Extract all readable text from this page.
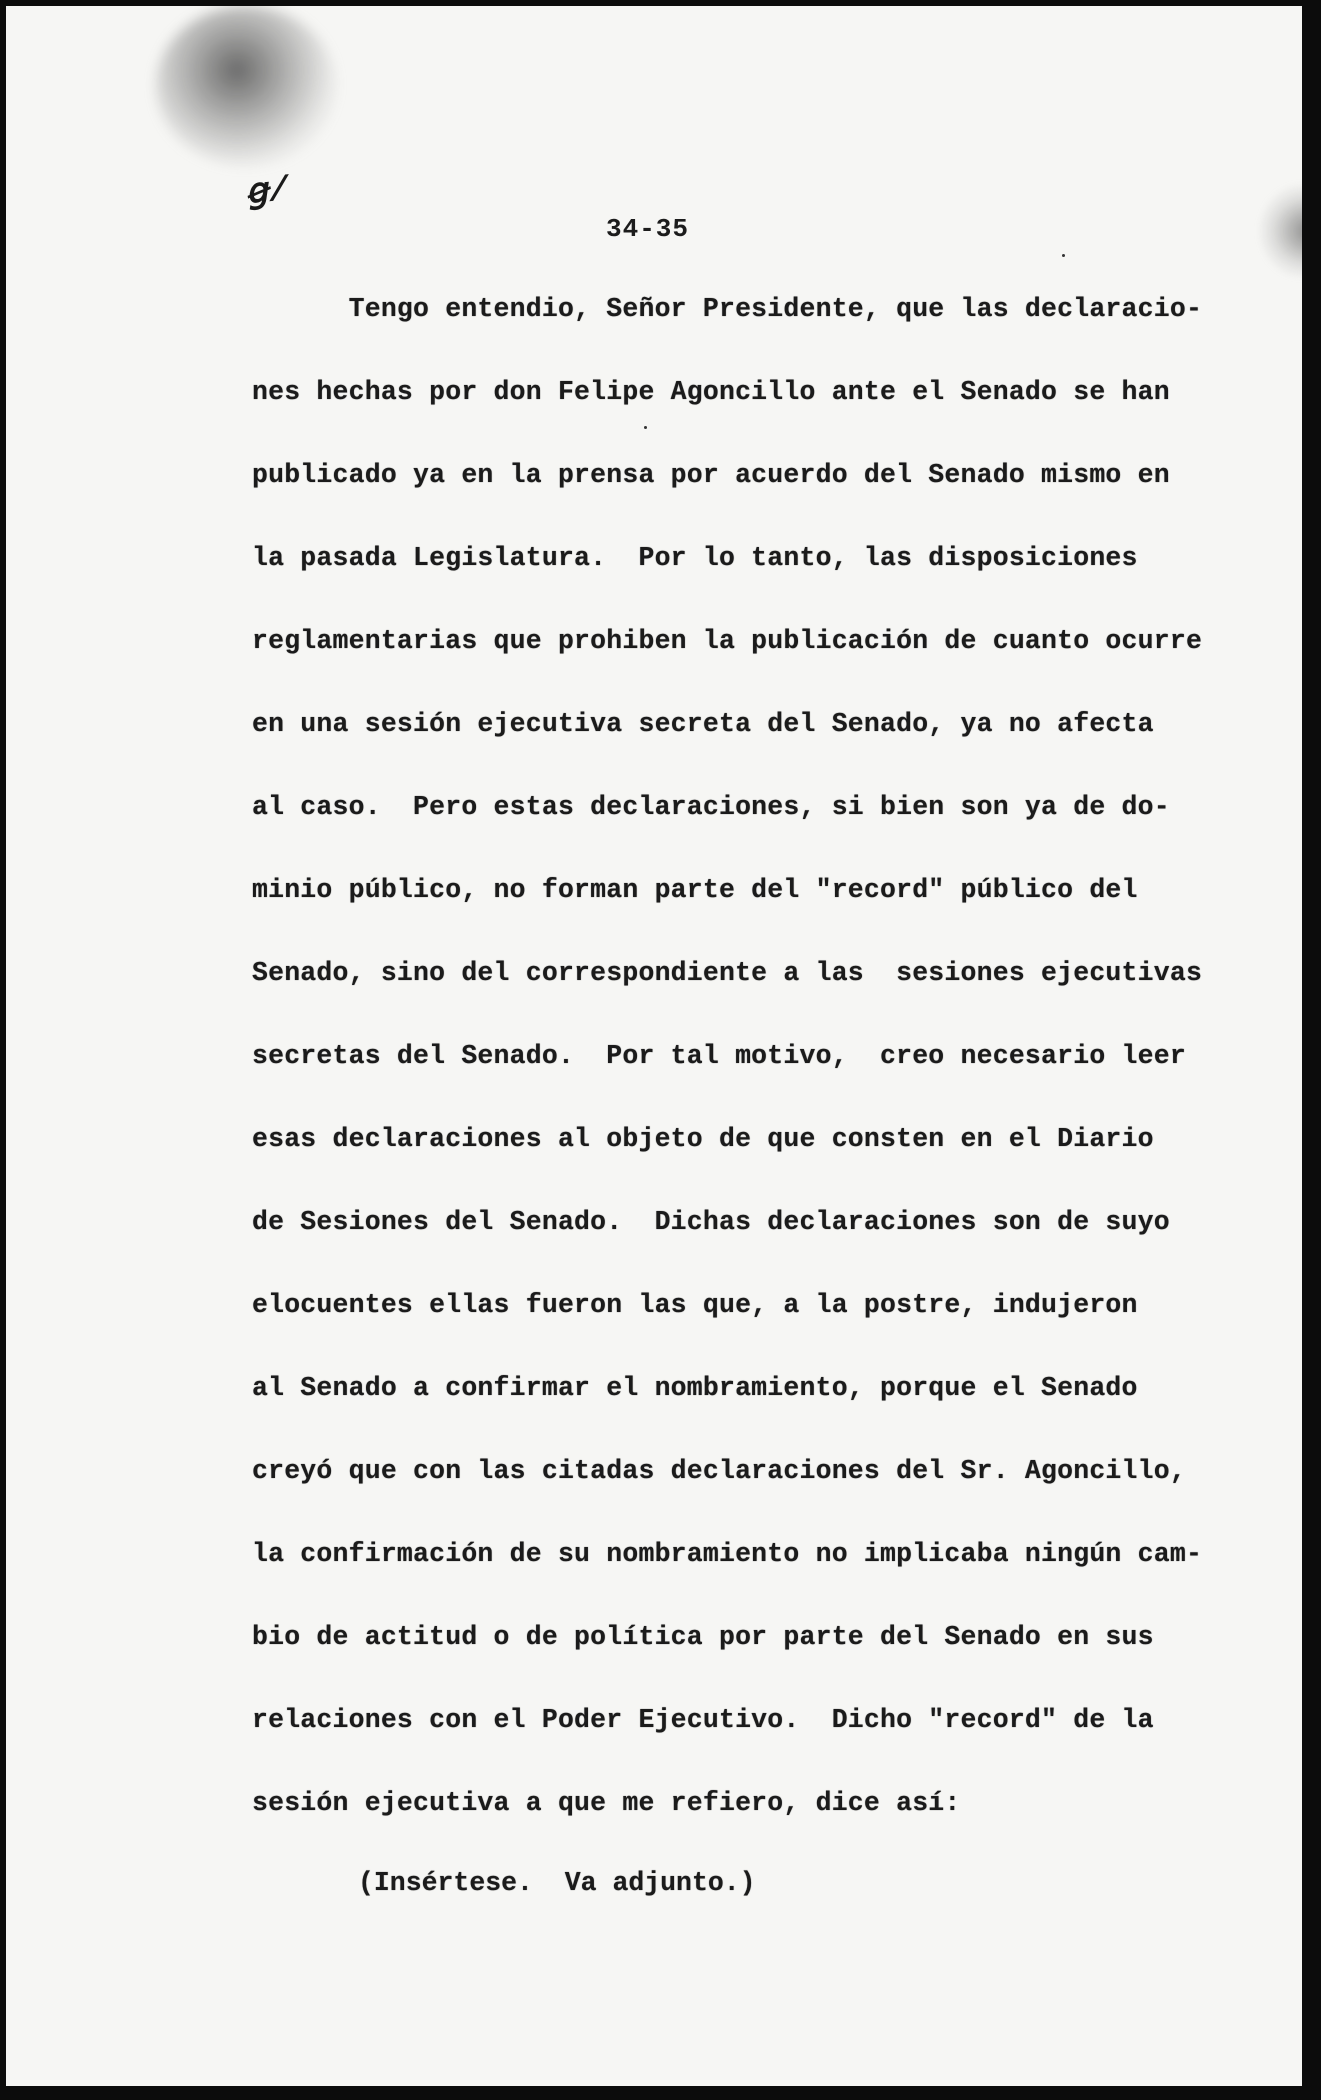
ꞡ/
34-35
Tengo entendio, Señor Presidente, que las declaracio-
nes hechas por don Felipe Agoncillo ante el Senado se han
publicado ya en la prensa por acuerdo del Senado mismo en
la pasada Legislatura.  Por lo tanto, las disposiciones
reglamentarias que prohiben la publicación de cuanto ocurre
en una sesión ejecutiva secreta del Senado, ya no afecta
al caso.  Pero estas declaraciones, si bien son ya de do-
minio público, no forman parte del "record" público del
Senado, sino del correspondiente a las  sesiones ejecutivas
secretas del Senado.  Por tal motivo,  creo necesario leer
esas declaraciones al objeto de que consten en el Diario
de Sesiones del Senado.  Dichas declaraciones son de suyo
elocuentes ellas fueron las que, a la postre, indujeron
al Senado a confirmar el nombramiento, porque el Senado
creyó que con las citadas declaraciones del Sr. Agoncillo,
la confirmación de su nombramiento no implicaba ningún cam-
bio de actitud o de política por parte del Senado en sus
relaciones con el Poder Ejecutivo.  Dicho "record" de la
sesión ejecutiva a que me refiero, dice así:
(Insértese.  Va adjunto.)
